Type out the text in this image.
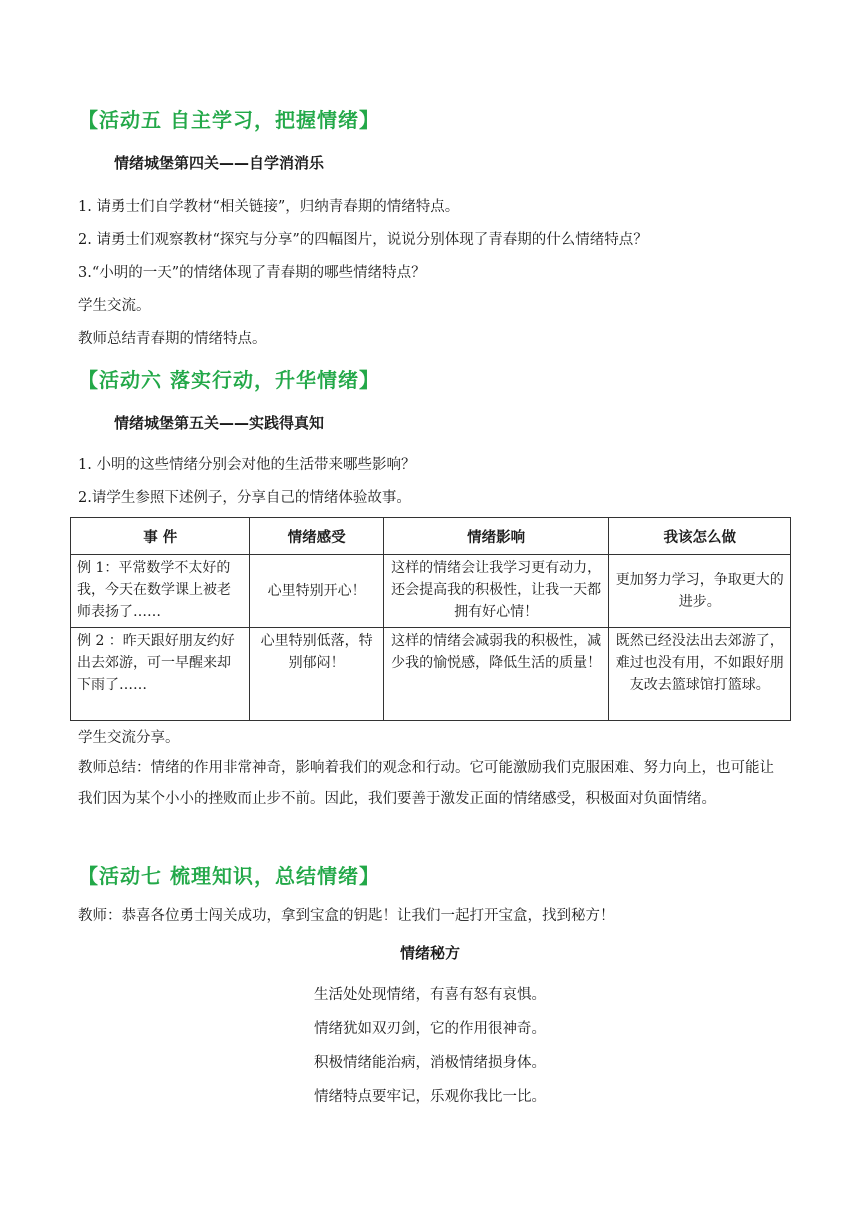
【活动五 自主学习，把握情绪】
情绪城堡第四关——自学消消乐
1. 请勇士们自学教材“相关链接”，归纳青春期的情绪特点。
2. 请勇士们观察教材“探究与分享”的四幅图片，说说分别体现了青春期的什么情绪特点？
3.“小明的一天”的情绪体现了青春期的哪些情绪特点？
学生交流。
教师总结青春期的情绪特点。
【活动六 落实行动，升华情绪】
情绪城堡第五关——实践得真知
1. 小明的这些情绪分别会对他的生活带来哪些影响？
2.请学生参照下述例子，分享自己的情绪体验故事。
事 件	情绪感受	情绪影响	我该怎么做
例 1：平常数学不太好的我，今天在数学课上被老师表扬了……	心里特别开心！	这样的情绪会让我学习更有动力，还会提高我的积极性，让我一天都拥有好心情！	更加努力学习，争取更大的进步。
例 2 ：昨天跟好朋友约好出去郊游，可一早醒来却下雨了……	心里特别低落，特别郁闷！	这样的情绪会减弱我的积极性，减少我的愉悦感，降低生活的质量！	既然已经没法出去郊游了，难过也没有用，不如跟好朋友改去篮球馆打篮球。
学生交流分享。
教师总结：情绪的作用非常神奇，影响着我们的观念和行动。它可能激励我们克服困难、努力向上，也可能让我们因为某个小小的挫败而止步不前。因此，我们要善于激发正面的情绪感受，积极面对负面情绪。
【活动七 梳理知识，总结情绪】
教师：恭喜各位勇士闯关成功，拿到宝盒的钥匙！让我们一起打开宝盒，找到秘方！
情绪秘方
生活处处现情绪，有喜有怒有哀惧。
情绪犹如双刃剑，它的作用很神奇。
积极情绪能治病，消极情绪损身体。
情绪特点要牢记，乐观你我比一比。
